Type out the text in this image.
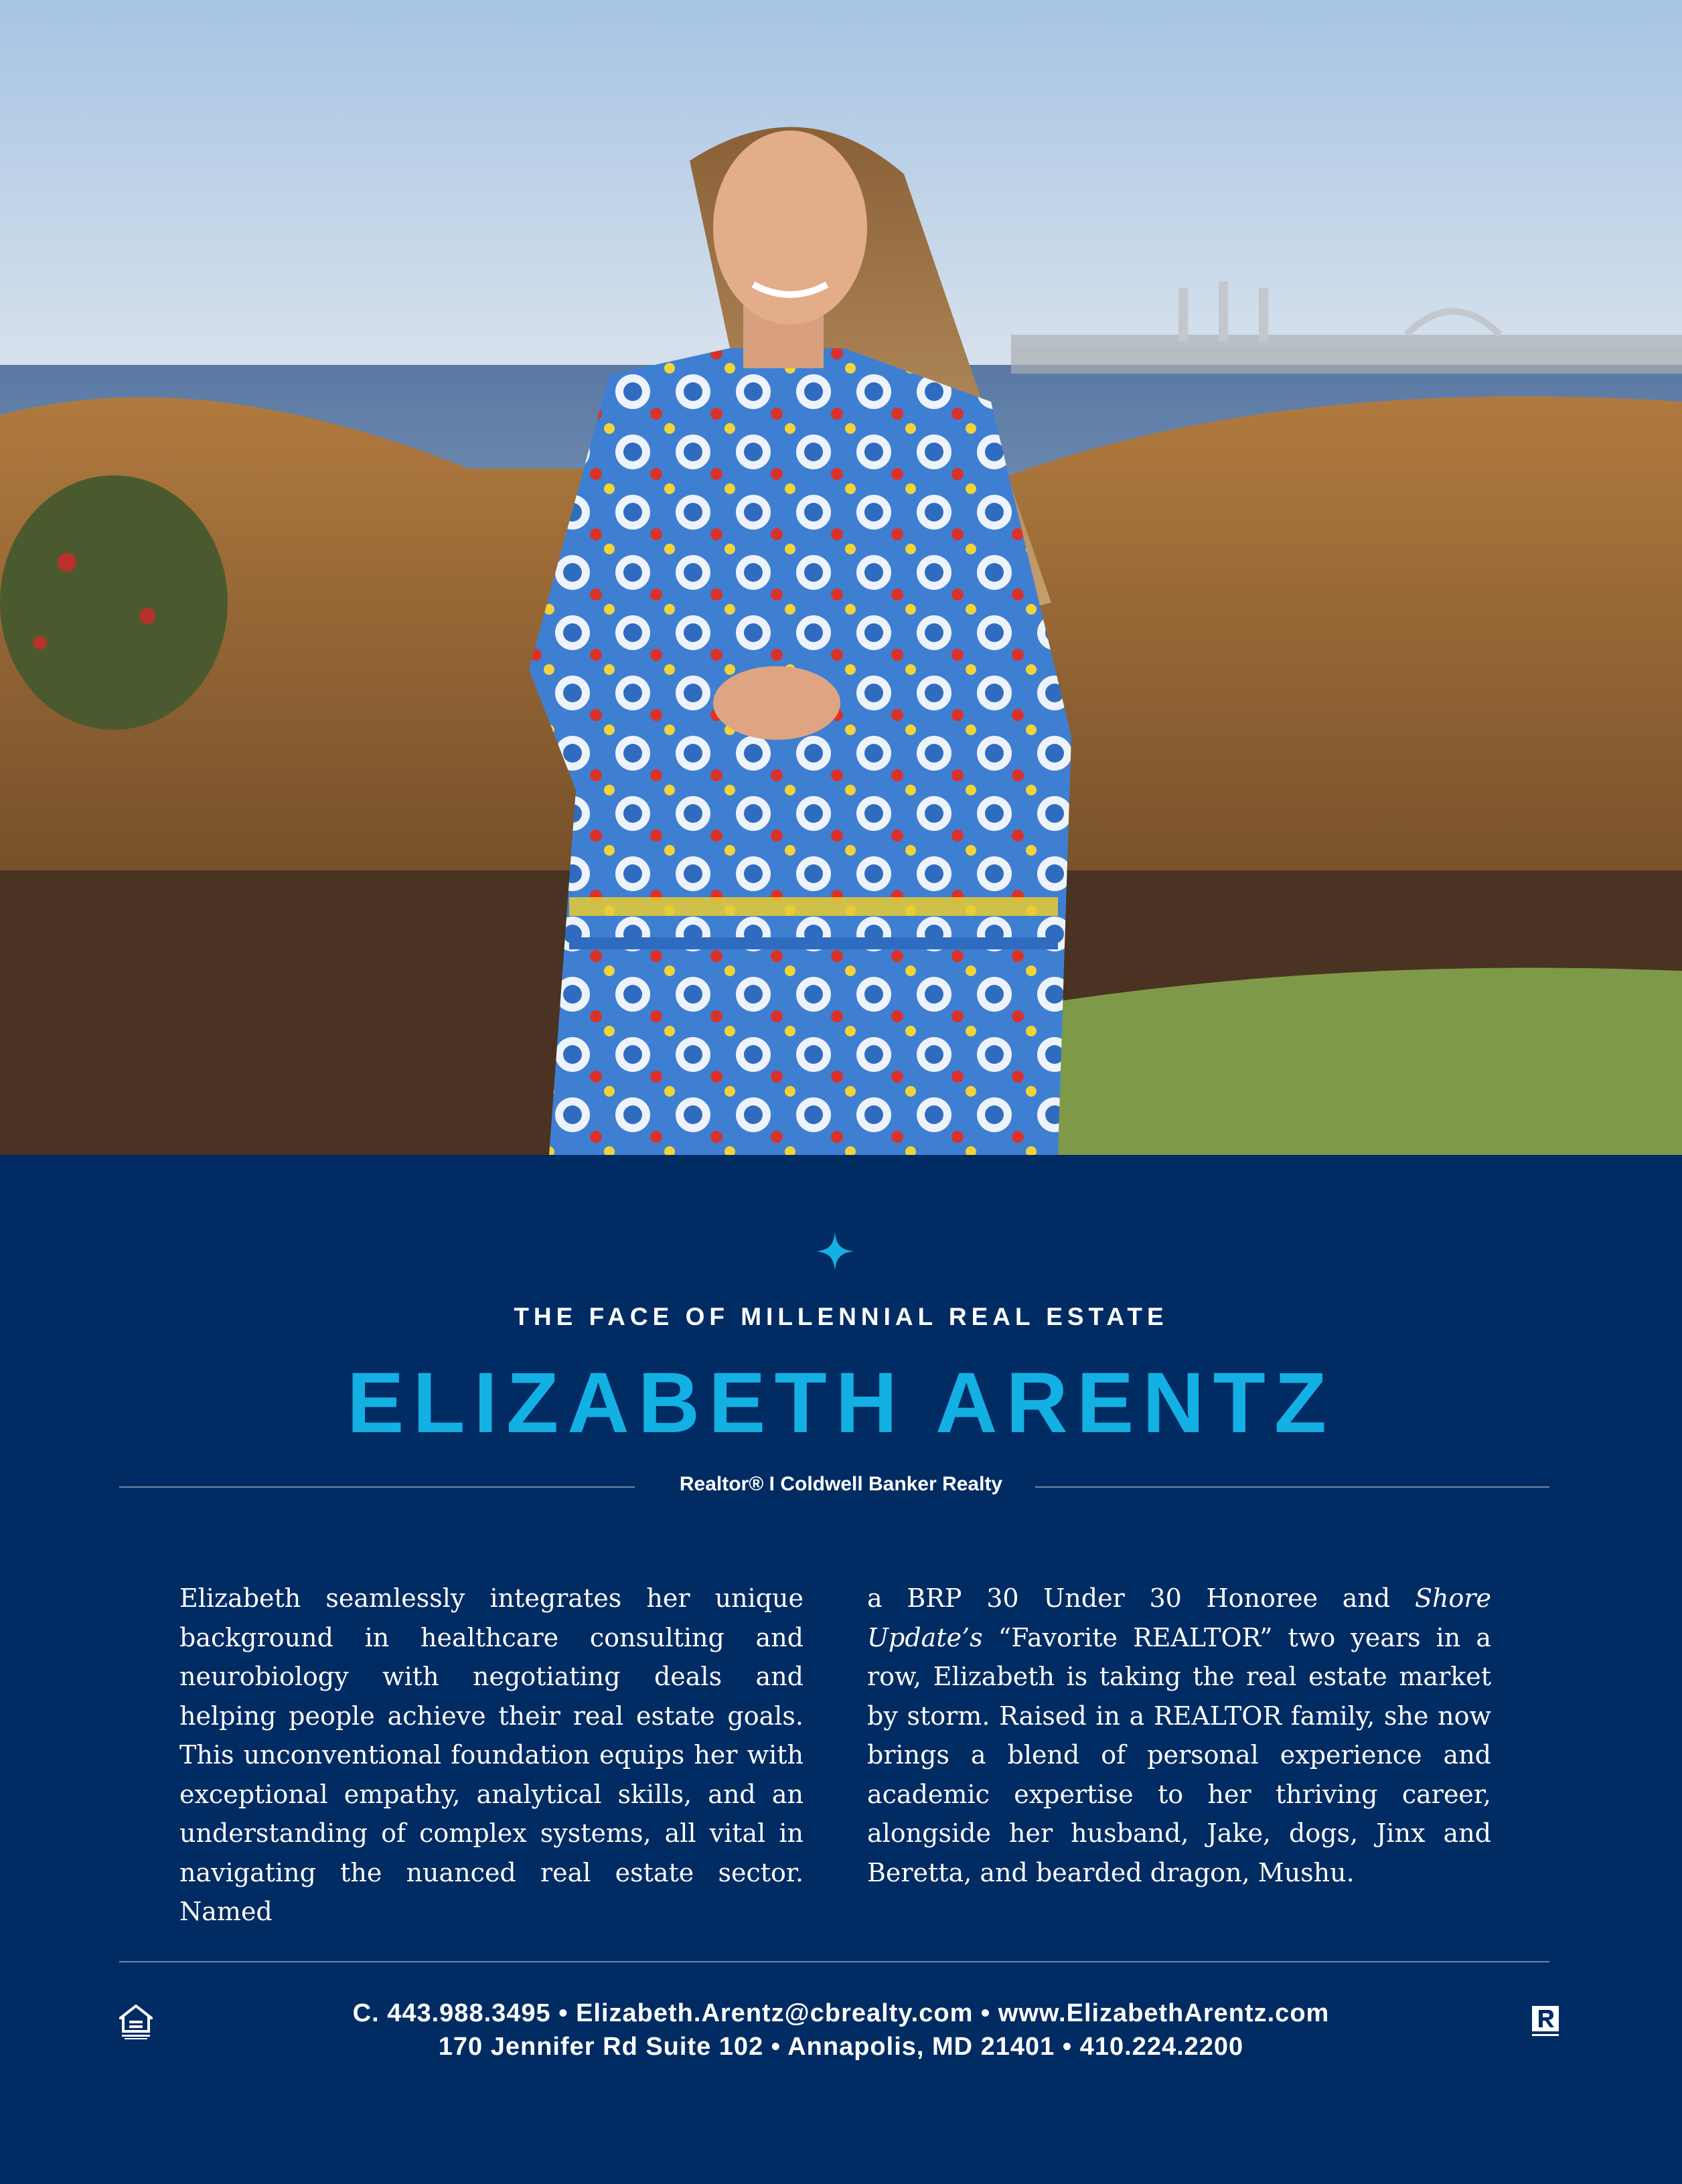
THE FACE OF MILLENNIAL REAL ESTATE
ELIZABETH ARENTZ
Realtor® I Coldwell Banker Realty
Elizabeth seamlessly integrates her unique background in healthcare consulting and neurobiology with negotiating deals and helping people achieve their real estate goals. This unconventional foundation equips her with exceptional empathy, analytical skills, and an understanding of complex systems, all vital in navigating the nuanced real estate sector. Named
a BRP 30 Under 30 Honoree and Shore Update’s “Favorite REALTOR” two years in a row, Elizabeth is taking the real estate market by storm. Raised in a REALTOR family, she now brings a blend of personal experience and academic expertise to her thriving career, alongside her husband, Jake, dogs, Jinx and Beretta, and bearded dragon, Mushu.
C. 443.988.3495 • Elizabeth.Arentz@cbrealty.com • www.ElizabethArentz.com
170 Jennifer Rd Suite 102 • Annapolis, MD 21401 • 410.224.2200
